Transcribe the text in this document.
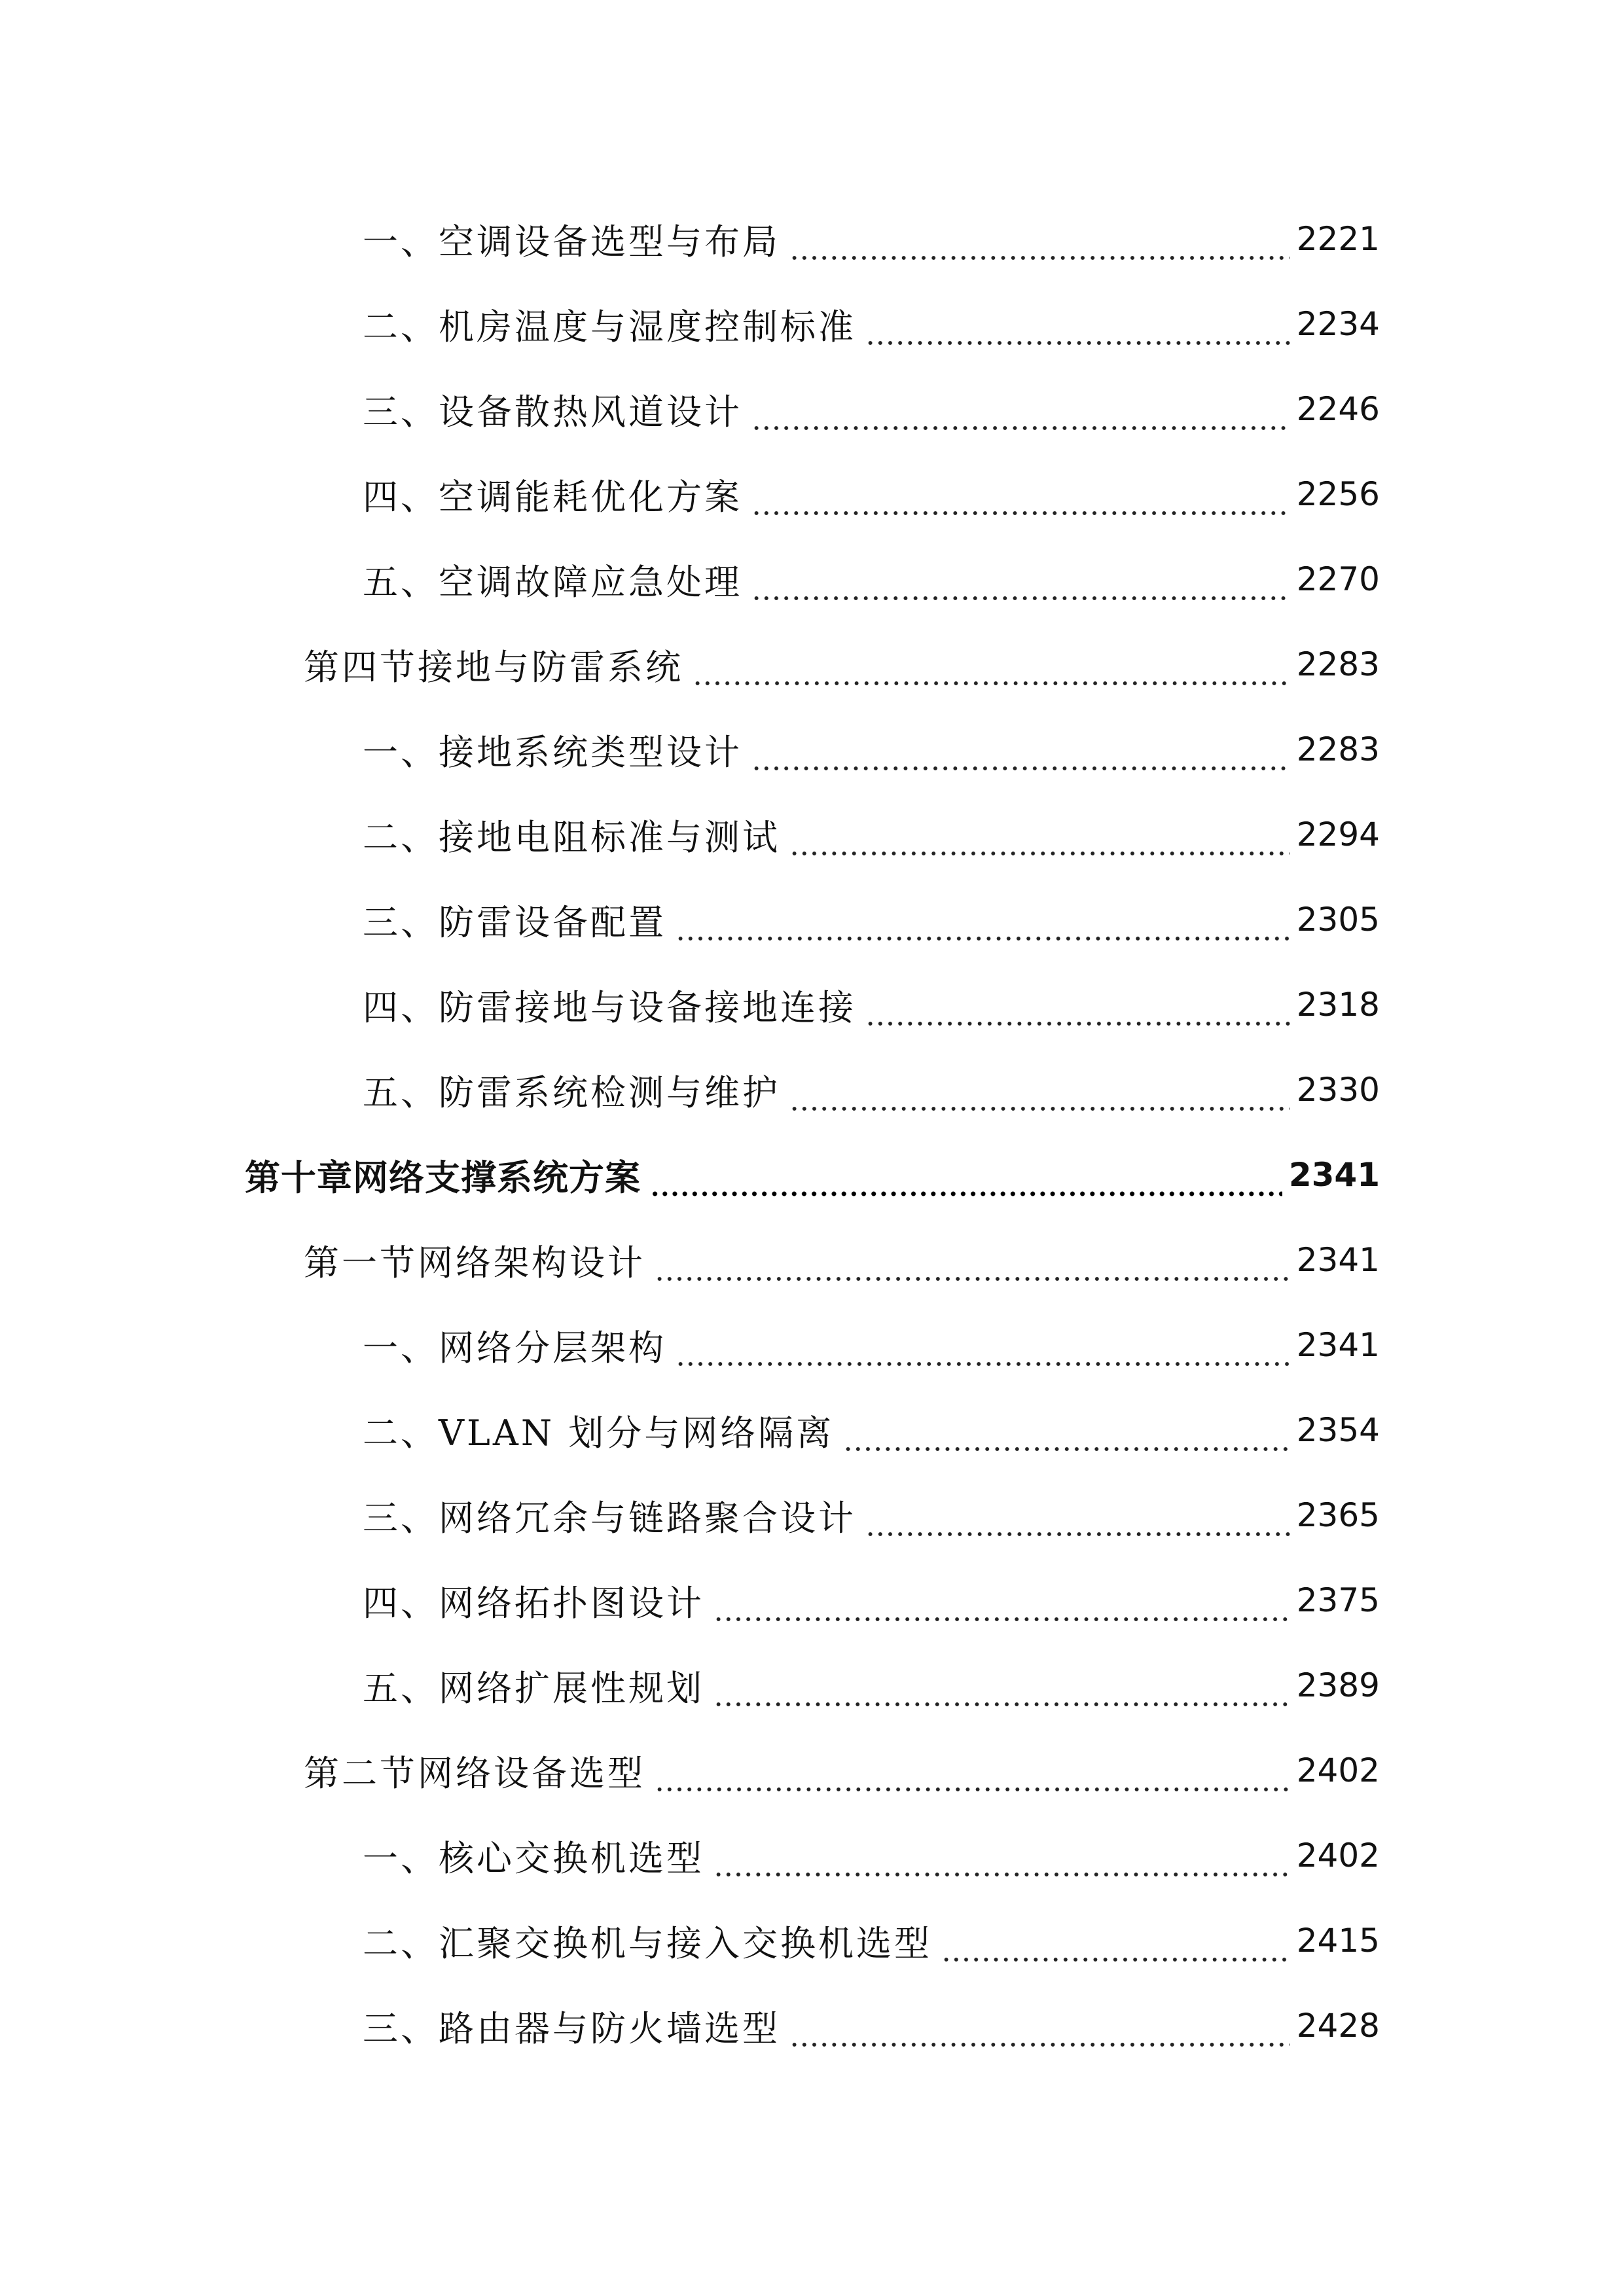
一、空调设备选型与布局	2221
二、机房温度与湿度控制标准	2234
三、设备散热风道设计	2246
四、空调能耗优化方案	2256
五、空调故障应急处理	2270
第四节接地与防雷系统	2283
一、接地系统类型设计	2283
二、接地电阻标准与测试	2294
三、防雷设备配置	2305
四、防雷接地与设备接地连接	2318
五、防雷系统检测与维护	2330
第十章网络支撑系统方案	2341
第一节网络架构设计	2341
一、网络分层架构	2341
二、VLAN 划分与网络隔离	2354
三、网络冗余与链路聚合设计	2365
四、网络拓扑图设计	2375
五、网络扩展性规划	2389
第二节网络设备选型	2402
一、核心交换机选型	2402
二、汇聚交换机与接入交换机选型	2415
三、路由器与防火墙选型	2428
